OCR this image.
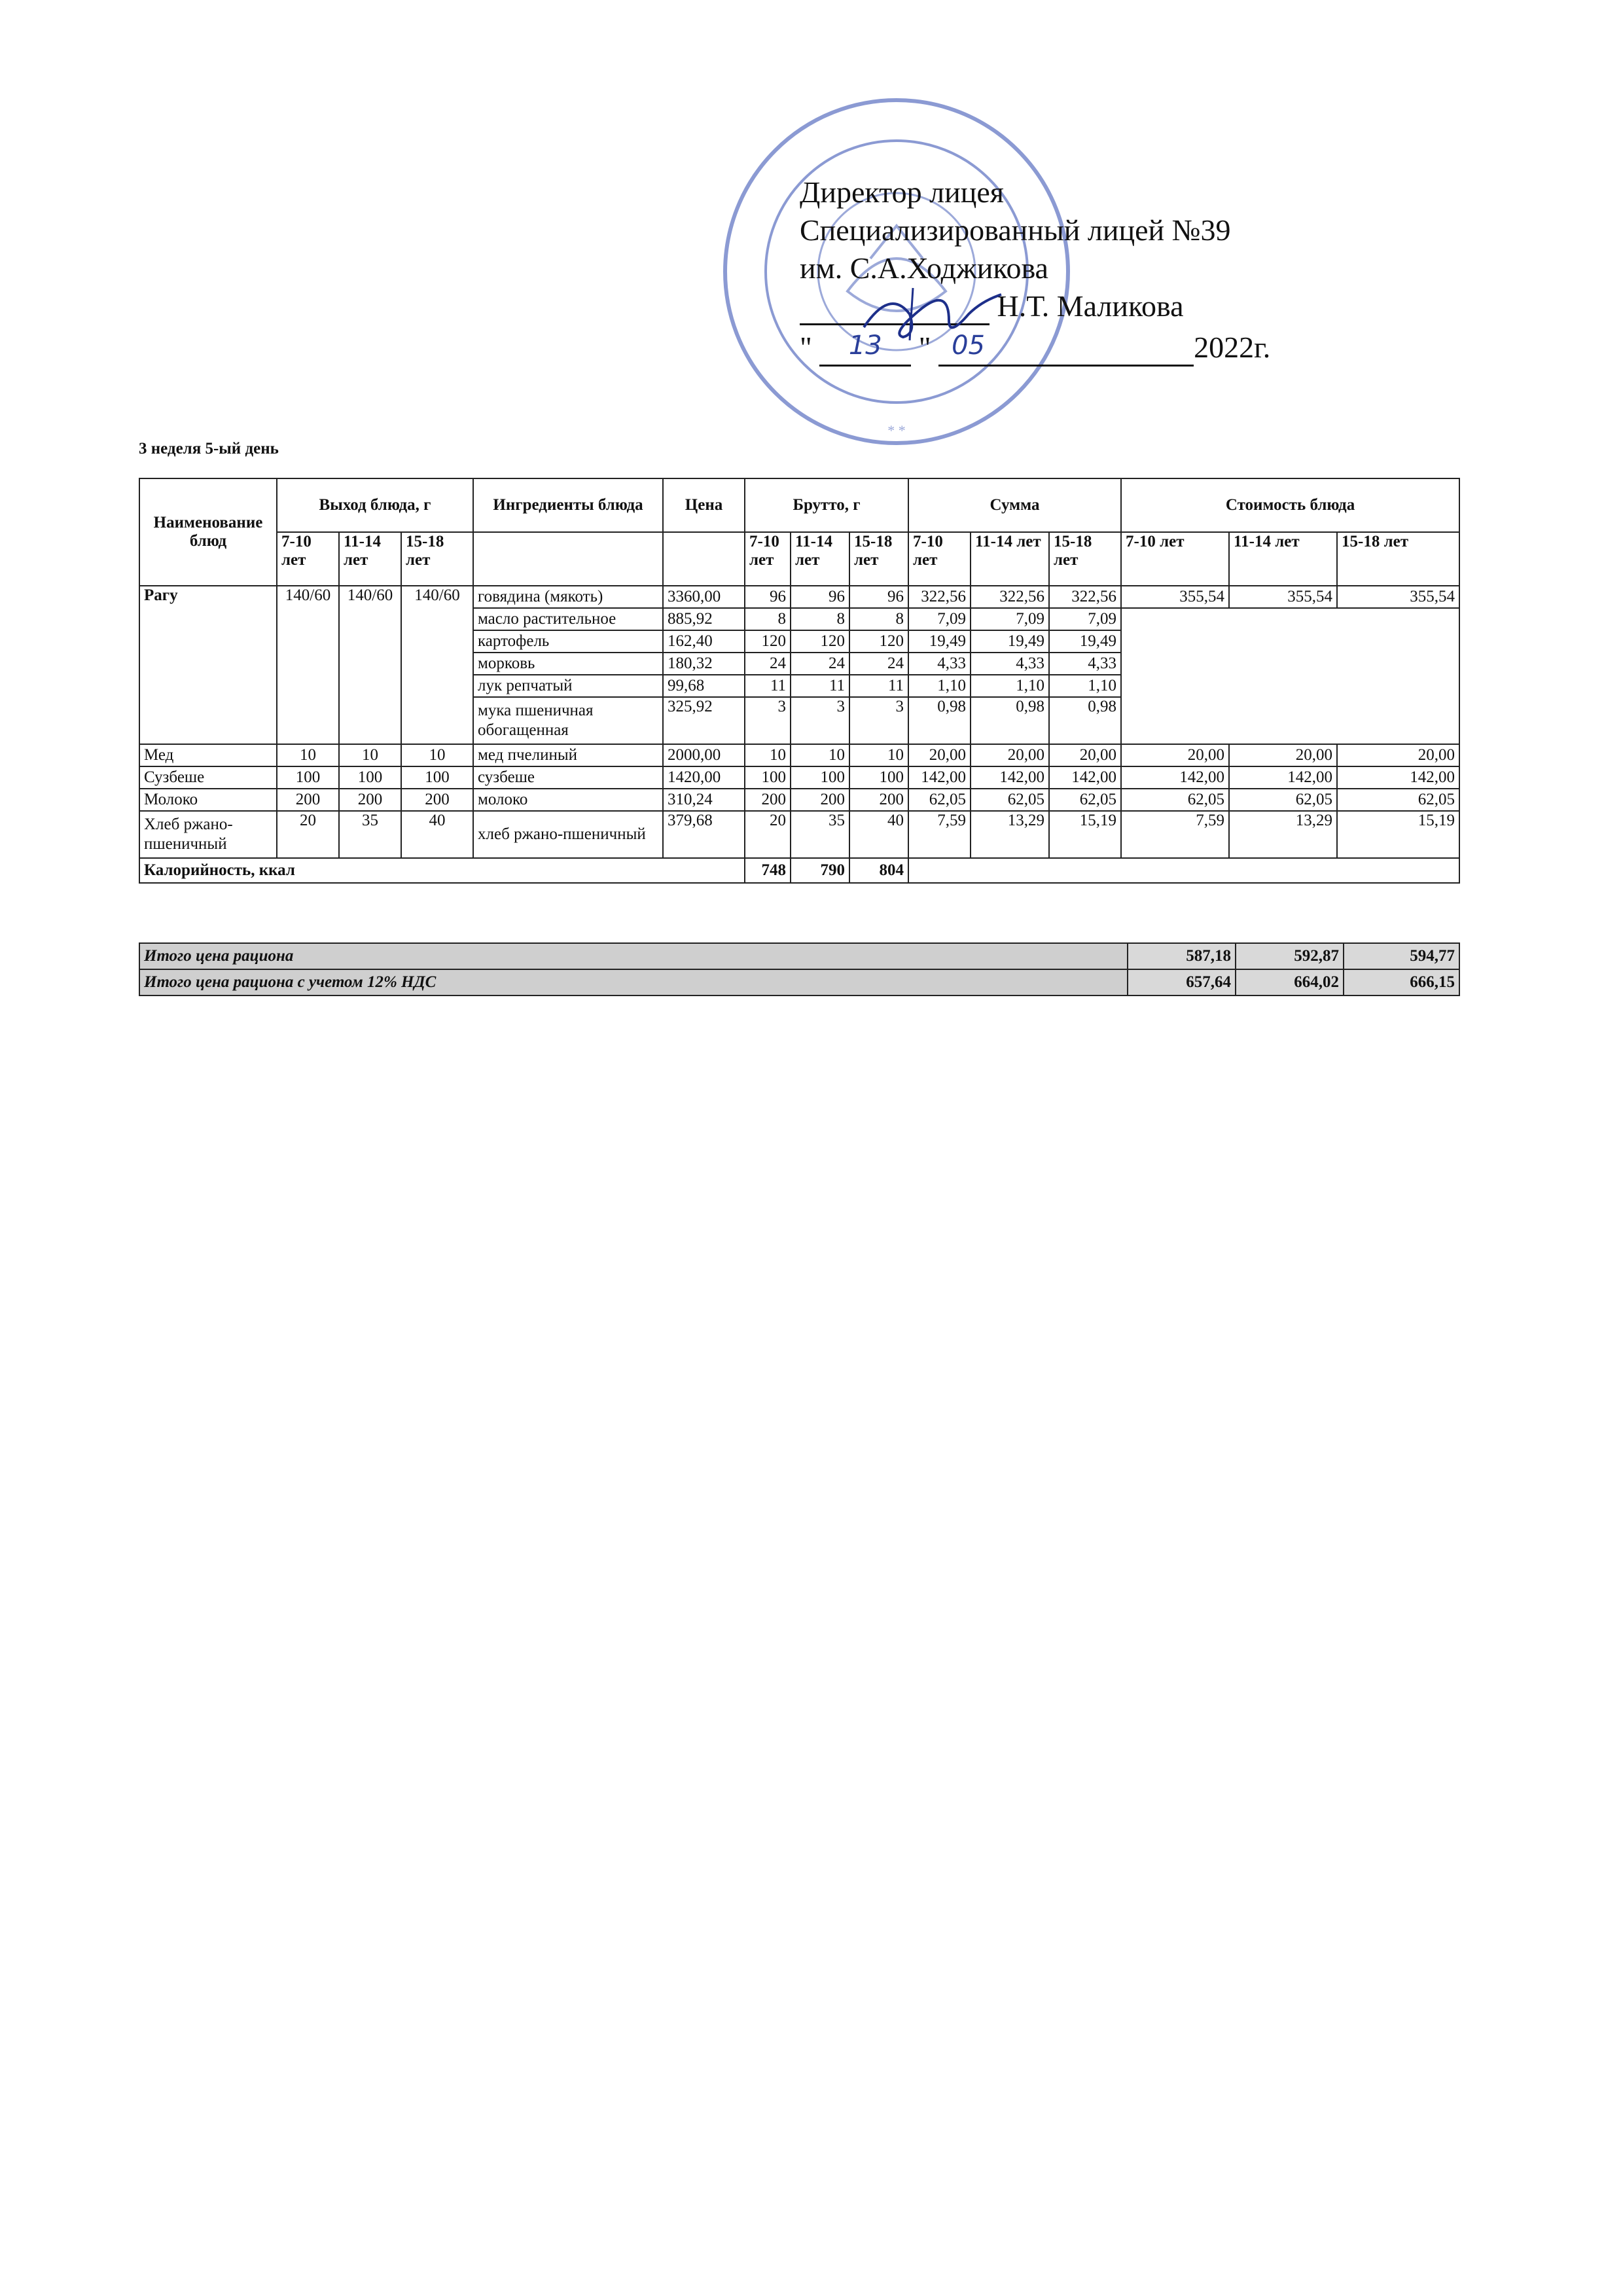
* *
Директор лицея
Специализированный лицей №39
им. С.А.Ходжикова
Н.Т. Маликова
" 13 " 05	2022г.
3 неделя 5-ый день
Наименование блюд	Выход блюда, г			Ингредиенты блюда	Цена	Брутто, г			Сумма			Стоимость блюда		
	7-10 лет	11-14 лет	15-18 лет			7-10 лет	11-14 лет	15-18 лет	7-10 лет	11-14 лет	15-18 лет	7-10 лет	11-14 лет	15-18 лет
Рагу	140/60	140/60	140/60	говядина (мякоть)	3360,00	96	96	96	322,56	322,56	322,56	355,54	355,54	355,54
				масло растительное	885,92	8	8	8	7,09	7,09	7,09			
				картофель	162,40	120	120	120	19,49	19,49	19,49			
				морковь	180,32	24	24	24	4,33	4,33	4,33			
				лук репчатый	99,68	11	11	11	1,10	1,10	1,10			
				мука пшеничная обогащенная	325,92	3	3	3	0,98	0,98	0,98			
Мед	10	10	10	мед пчелиный	2000,00	10	10	10	20,00	20,00	20,00	20,00	20,00	20,00
Сузбеше	100	100	100	сузбеше	1420,00	100	100	100	142,00	142,00	142,00	142,00	142,00	142,00
Молоко	200	200	200	молоко	310,24	200	200	200	62,05	62,05	62,05	62,05	62,05	62,05
Хлеб ржано-пшеничный	20	35	40	хлеб ржано-пшеничный	379,68	20	35	40	7,59	13,29	15,19	7,59	13,29	15,19
Калорийность, ккал						748	790	804						
Итого цена рациона	587,18	592,87	594,77
Итого цена рациона с учетом 12% НДС	657,64	664,02	666,15
